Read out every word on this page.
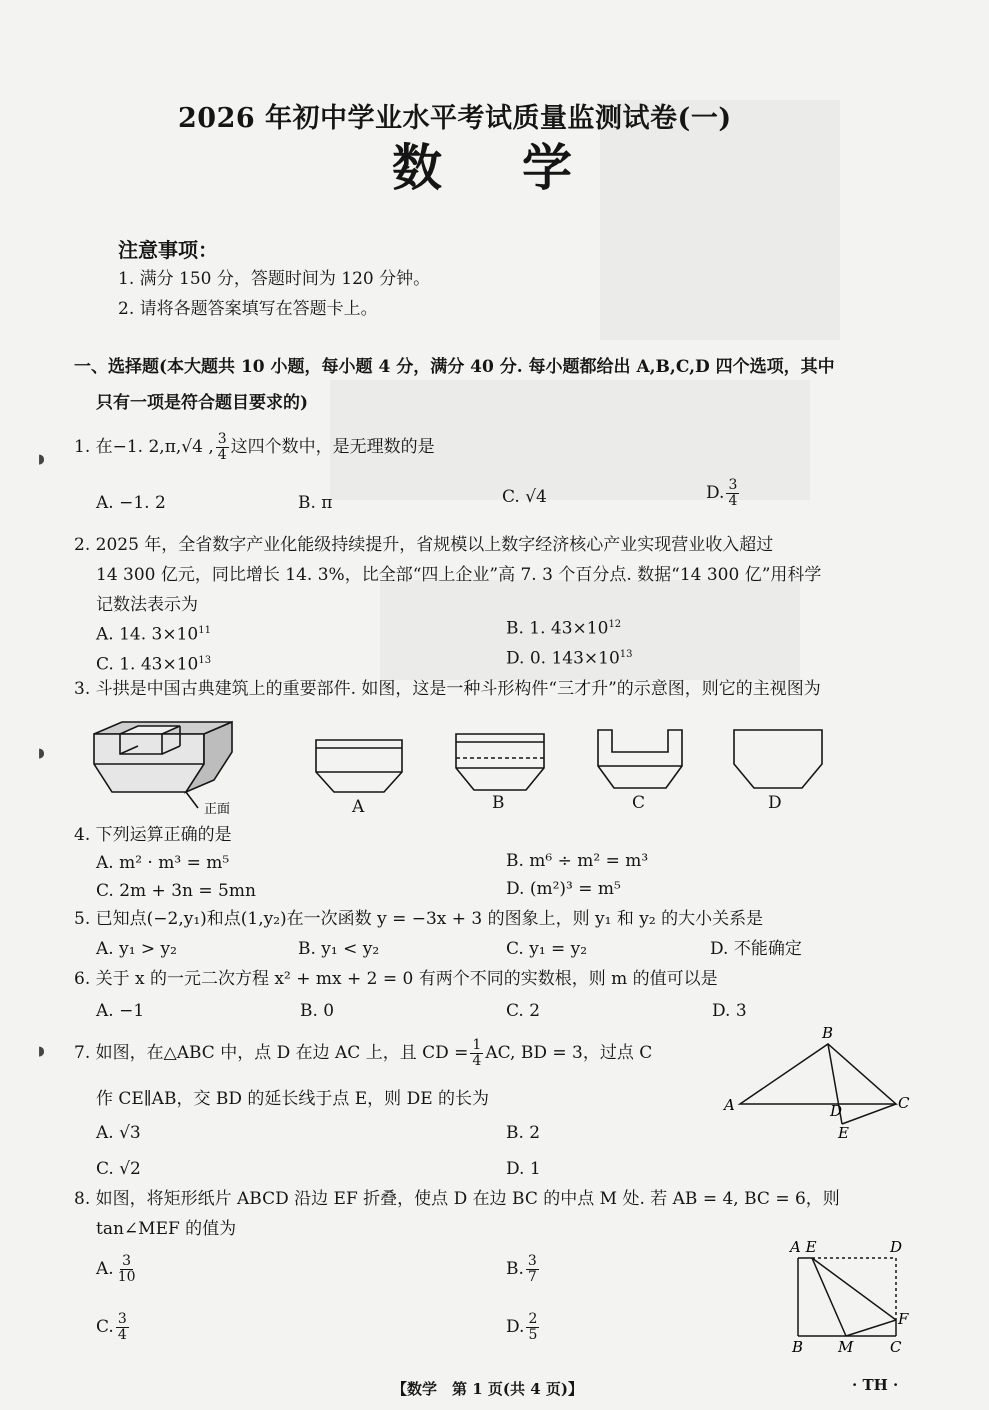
◗
◗
◗
2026 年初中学业水平考试质量监测试卷(一)
数学
注意事项：
1. 满分 150 分，答题时间为 120 分钟。
2. 请将各题答案填写在答题卡上。
一、选择题(本大题共 10 小题，每小题 4 分，满分 40 分. 每小题都给出 A,B,C,D 四个选项，其中
只有一项是符合题目要求的)
1. 在−1. 2,π,√4 , $\frac{3}{4}$ 这四个数中，是无理数的是
A. −1. 2	B. π	C. √4	D. $\frac{3}{4}$
2. 2025 年，全省数字产业化能级持续提升，省规模以上数字经济核心产业实现营业收入超过
14 300 亿元，同比增长 14. 3%，比全部“四上企业”高 7. 3 个百分点. 数据“14 300 亿”用科学
记数法表示为
A. 14. $3\times 10^{11}$	B. 1. $43\times 10^{12}$
C. 1. $43\times 10^{13}$	D. 0. $143\times 10^{13}$
3. 斗拱是中国古典建筑上的重要部件. 如图，这是一种斗形构件“三才升”的示意图，则它的主视图为
正面	A	B	C	D
4. 下列运算正确的是
A. m² · m³ = m⁵	B. m⁶ ÷ m² = m³
C. 2m + 3n = 5mn	D. (m²)³ = m⁵
5. 已知点(−2,y₁)和点(1,y₂)在一次函数 y = −3x + 3 的图象上，则 y₁ 和 y₂ 的大小关系是
A. y₁ > y₂	B. y₁ < y₂	C. y₁ = y₂	D. 不能确定
6. 关于 x 的一元二次方程 x² + mx + 2 = 0 有两个不同的实数根，则 m 的值可以是
A. −1	B. 0	C. 2	D. 3
7. 如图，在△ABC 中，点 D 在边 AC 上，且 CD = $\frac{1}{4}$ AC, BD = 3，过点 C
作 CE∥AB，交 BD 的延长线于点 E，则 DE 的长为
A. √3	B. 2
C. √2	D. 1
B
A	C
D
E
8. 如图，将矩形纸片 ABCD 沿边 EF 折叠，使点 D 在边 BC 的中点 M 处. 若 AB = 4, BC = 6，则
tan∠MEF 的值为
A. $\frac{3}{10}$	B. $\frac{3}{7}$
C. $\frac{3}{4}$	D. $\frac{2}{5}$
A E	D
F
B M C
【数学　第 1 页(共 4 页)】	· TH ·
